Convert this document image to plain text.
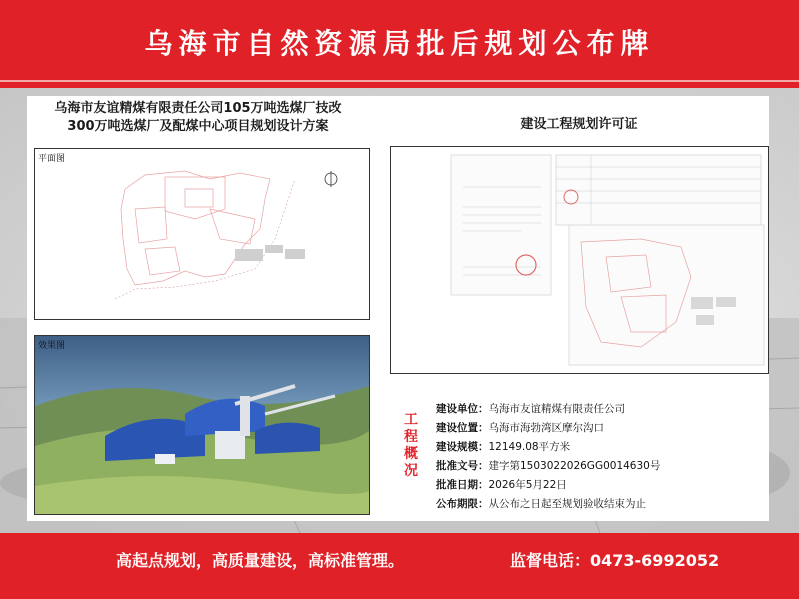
乌海市自然资源局批后规划公布牌
乌海市友谊精煤有限责任公司105万吨选煤厂技改
300万吨选煤厂及配煤中心项目规划设计方案	建设工程规划许可证
平面图
效果图
工
程
概
况
建设单位：乌海市友谊精煤有限责任公司
建设位置：乌海市海勃湾区摩尔沟口
建设规模：12149.08平方米
批准文号：建字第1503022026GG0014630号
批准日期：2026年5月22日
公布期限：从公布之日起至规划验收结束为止
高起点规划，高质量建设，高标准管理。	监督电话：0473-6992052
